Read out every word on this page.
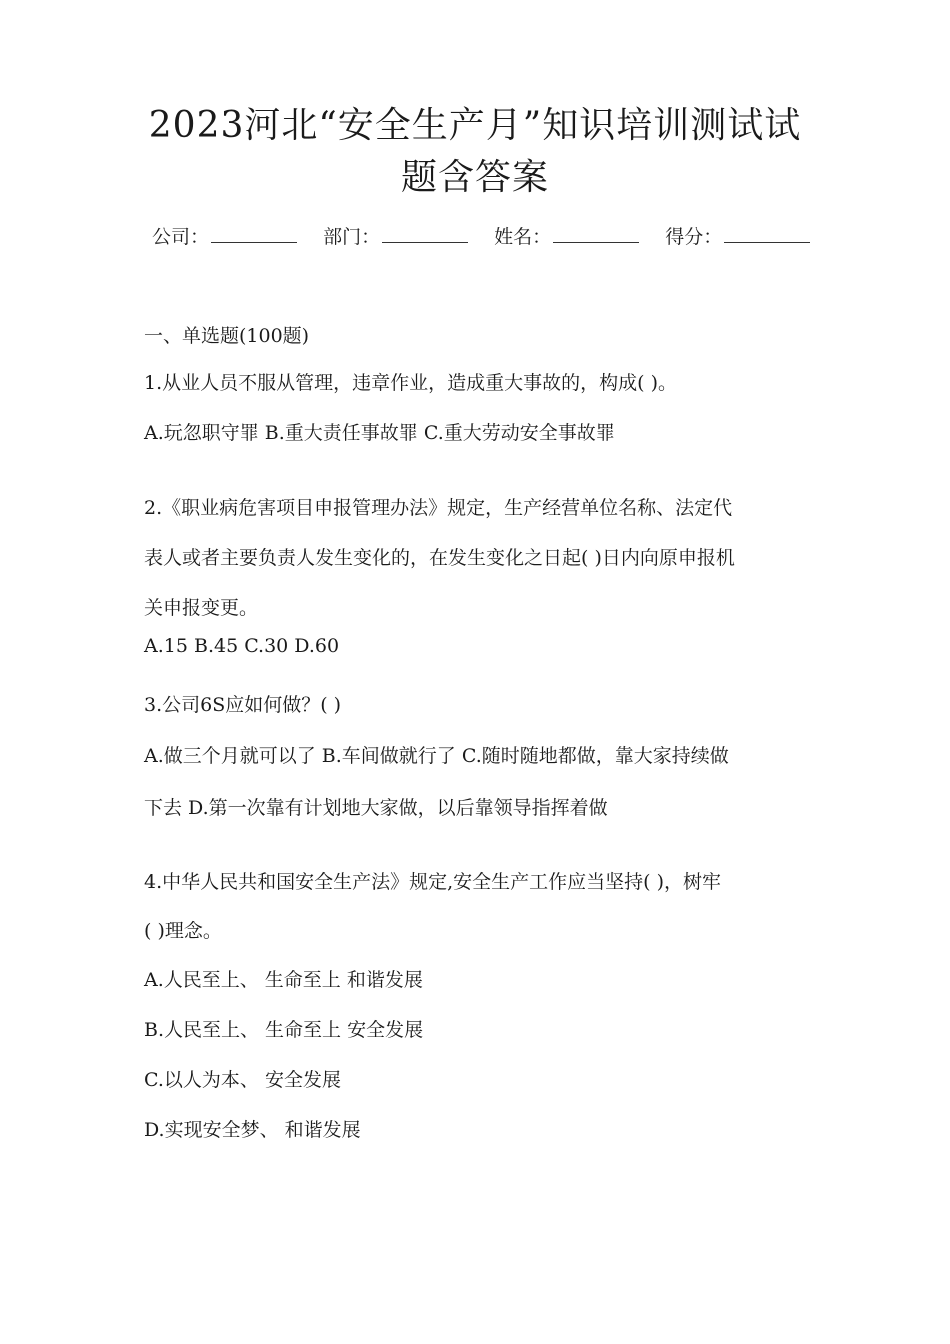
2023河北“安全生产月”知识培训测试试
题含答案
公司：	部门：	姓名：	得分：
一、单选题(100题)
1.从业人员不服从管理，违章作业，造成重大事故的，构成( )。
A.玩忽职守罪 B.重大责任事故罪 C.重大劳动安全事故罪
2.《职业病危害项目申报管理办法》规定，生产经营单位名称、法定代
表人或者主要负责人发生变化的，在发生变化之日起( )日内向原申报机
关申报变更。
A.15 B.45 C.30 D.60
3.公司6S应如何做？( )
A.做三个月就可以了 B.车间做就行了 C.随时随地都做，靠大家持续做
下去 D.第一次靠有计划地大家做，以后靠领导指挥着做
4.中华人民共和国安全生产法》规定,安全生产工作应当坚持( )，树牢
( )理念。
A.人民至上、 生命至上 和谐发展
B.人民至上、 生命至上 安全发展
C.以人为本、 安全发展
D.实现安全梦、 和谐发展
